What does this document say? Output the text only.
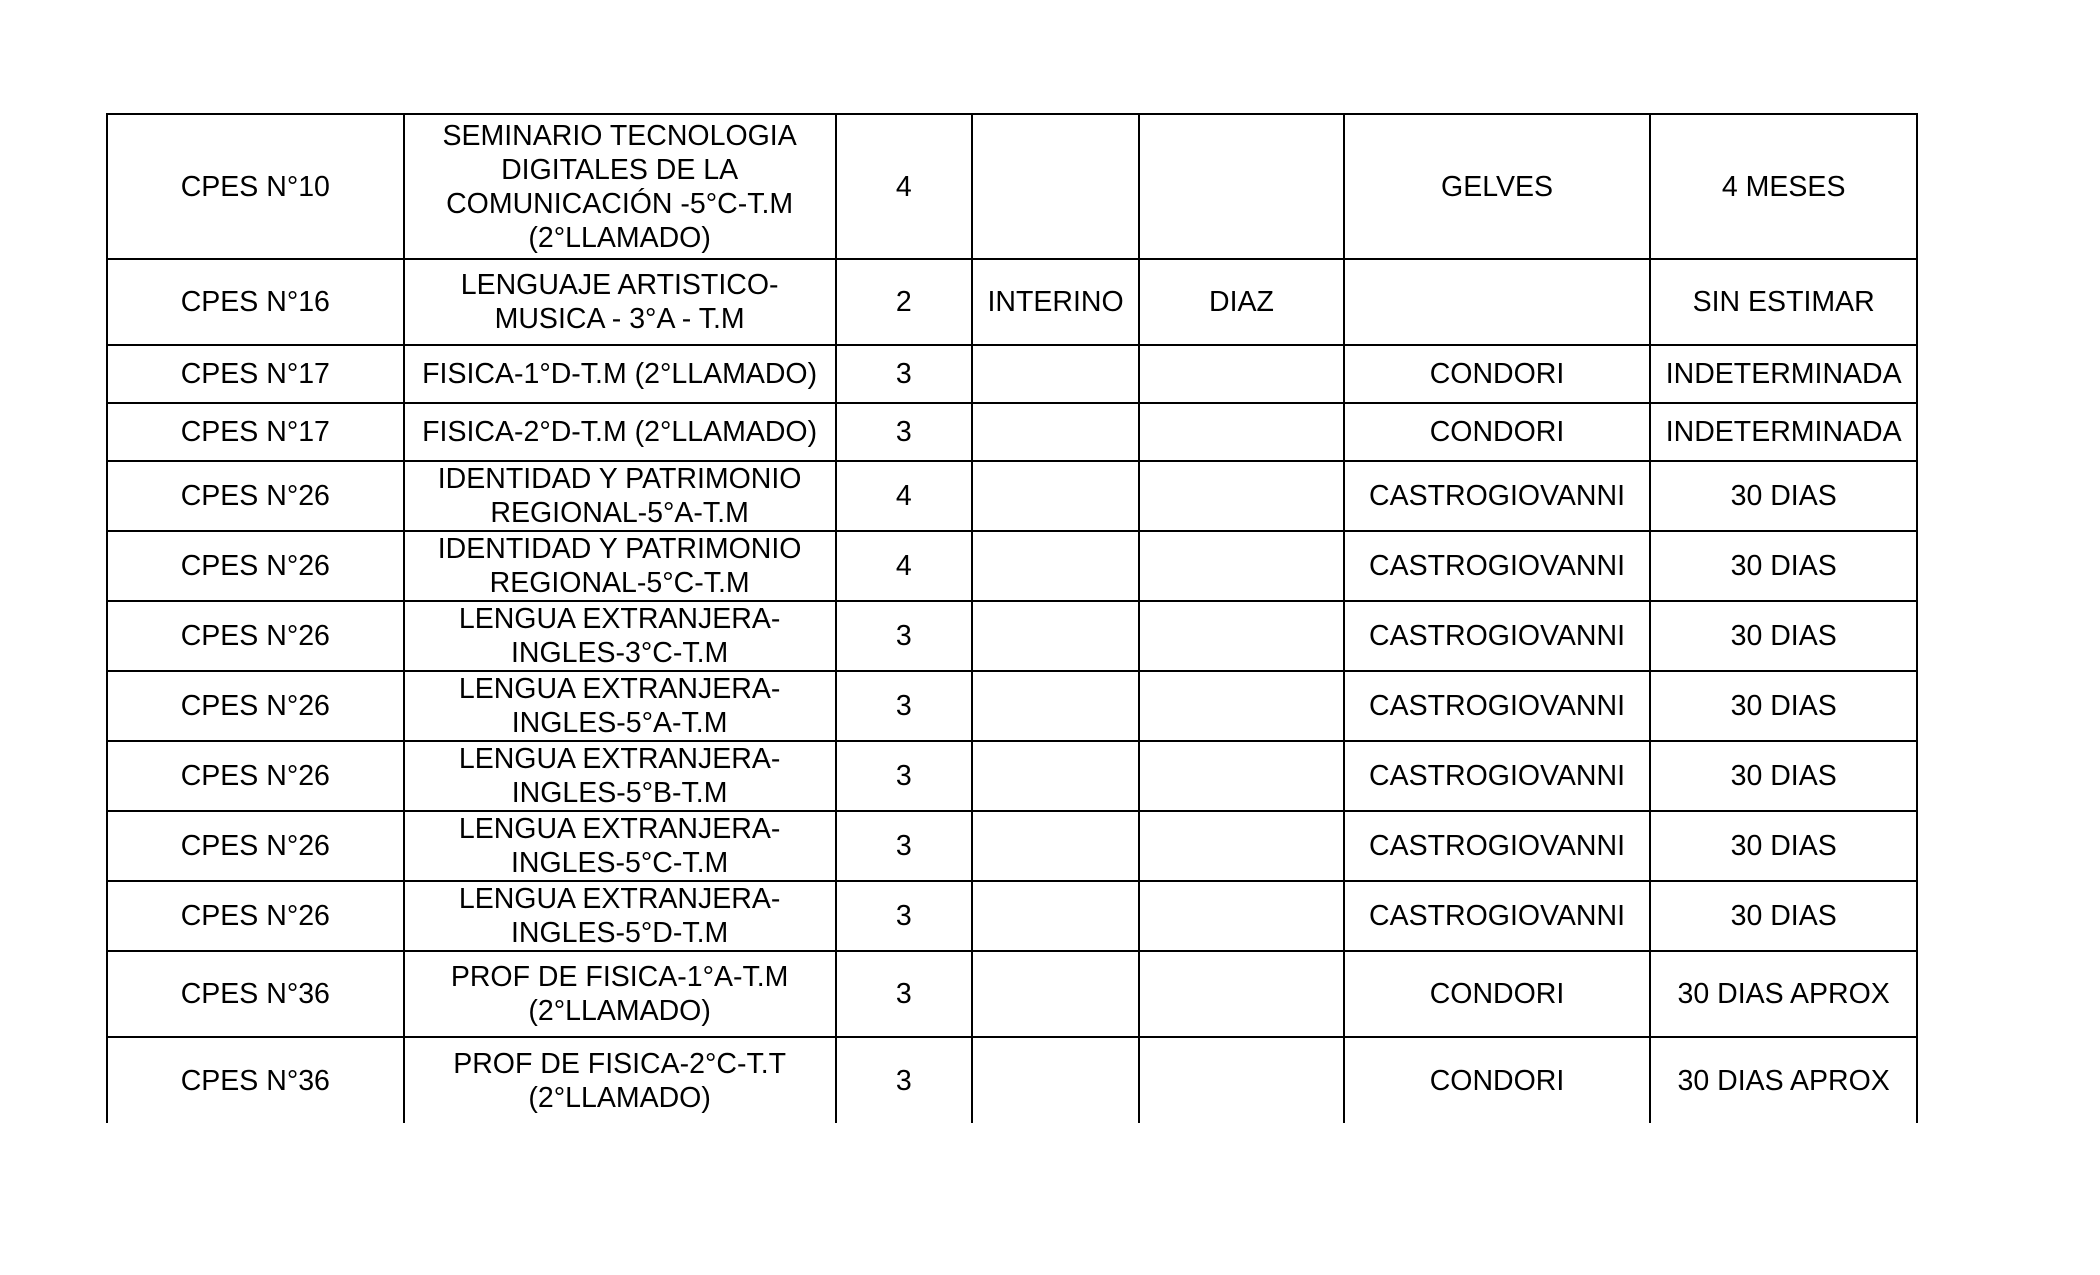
CPES N°10	SEMINARIO TECNOLOGIA DIGITALES DE LA COMUNICACIÓN -5°C-T.M (2°LLAMADO)	4			GELVES	4 MESES
CPES N°16	LENGUAJE ARTISTICO-MUSICA - 3°A - T.M	2	INTERINO	DIAZ		SIN ESTIMAR
CPES N°17	FISICA-1°D-T.M (2°LLAMADO)	3			CONDORI	INDETERMINADA
CPES N°17	FISICA-2°D-T.M (2°LLAMADO)	3			CONDORI	INDETERMINADA
CPES N°26	IDENTIDAD Y PATRIMONIO REGIONAL-5°A-T.M	4			CASTROGIOVANNI	30 DIAS
CPES N°26	IDENTIDAD Y PATRIMONIO REGIONAL-5°C-T.M	4			CASTROGIOVANNI	30 DIAS
CPES N°26	LENGUA EXTRANJERA-INGLES-3°C-T.M	3			CASTROGIOVANNI	30 DIAS
CPES N°26	LENGUA EXTRANJERA-INGLES-5°A-T.M	3			CASTROGIOVANNI	30 DIAS
CPES N°26	LENGUA EXTRANJERA-INGLES-5°B-T.M	3			CASTROGIOVANNI	30 DIAS
CPES N°26	LENGUA EXTRANJERA-INGLES-5°C-T.M	3			CASTROGIOVANNI	30 DIAS
CPES N°26	LENGUA EXTRANJERA-INGLES-5°D-T.M	3			CASTROGIOVANNI	30 DIAS
CPES N°36	PROF DE FISICA-1°A-T.M (2°LLAMADO)	3			CONDORI	30 DIAS APROX
CPES N°36	PROF DE FISICA-2°C-T.T (2°LLAMADO)	3			CONDORI	30 DIAS APROX
